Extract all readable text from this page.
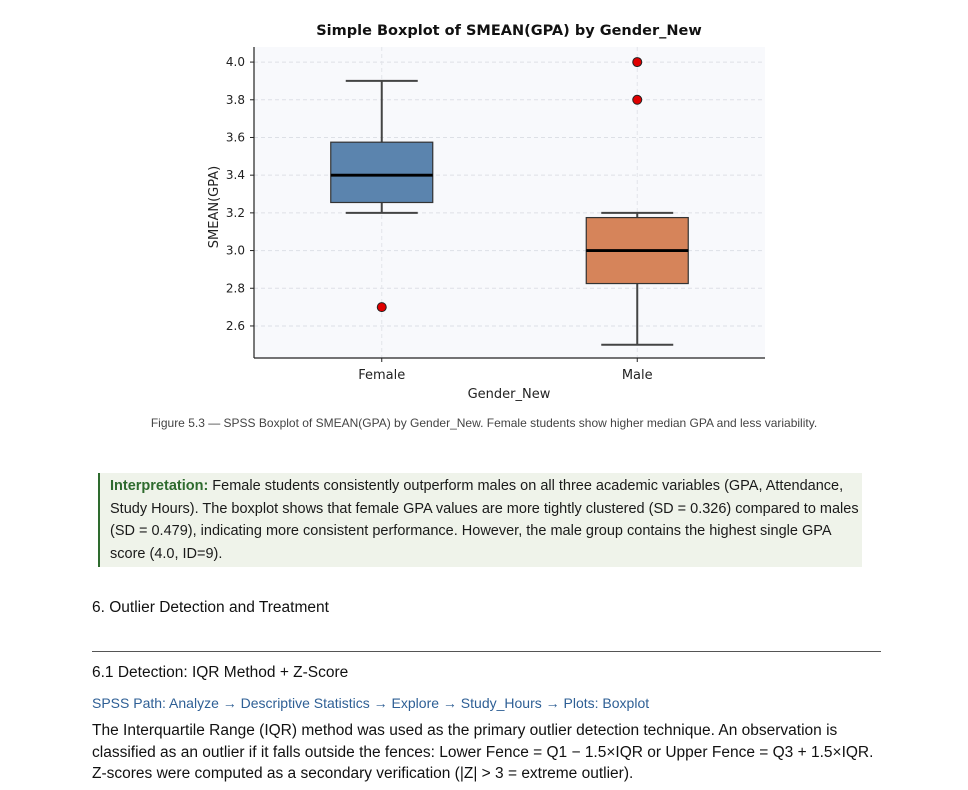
Simple Boxplot of SMEAN(GPA) by Gender_New
2.6
2.8
3.0
3.2
3.4
3.6
3.8
4.0
Female	Male
Gender_New
SMEAN(GPA)
Figure 5.3 — SPSS Boxplot of SMEAN(GPA) by Gender_New. Female students show higher median GPA and less variability.
Interpretation: Female students consistently outperform males on all three academic variables (GPA, Attendance, Study Hours). The boxplot shows that female GPA values are more tightly clustered (SD = 0.326) compared to males (SD = 0.479), indicating more consistent performance. However, the male group contains the highest single GPA score (4.0, ID=9).
6. Outlier Detection and Treatment
6.1 Detection: IQR Method + Z-Score
SPSS Path: Analyze → Descriptive Statistics → Explore → Study_Hours → Plots: Boxplot
The Interquartile Range (IQR) method was used as the primary outlier detection technique. An observation is classified as an outlier if it falls outside the fences: Lower Fence = Q1 − 1.5×IQR or Upper Fence = Q3 + 1.5×IQR. Z-scores were computed as a secondary verification (|Z| > 3 = extreme outlier).
